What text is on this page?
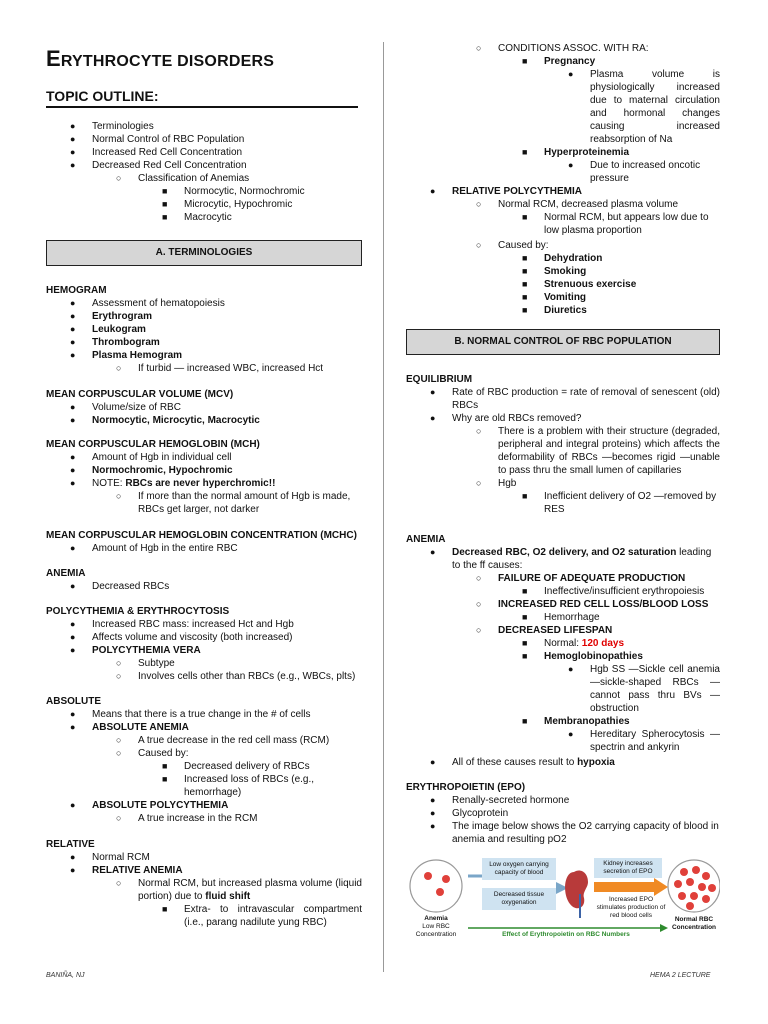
ERYTHROCYTE DISORDERS
TOPIC OUTLINE:
● Terminologies
● Normal Control of RBC Population
● Increased Red Cell Concentration
● Decreased Red Cell Concentration
○ Classification of Anemias
■ Normocytic, Normochromic
■ Microcytic, Hypochromic
■ Macrocytic
A. TERMINOLOGIES
HEMOGRAM
● Assessment of hematopoiesis
● Erythrogram
● Leukogram
● Thrombogram
● Plasma Hemogram
○ If turbid — increased WBC, increased Hct
MEAN CORPUSCULAR VOLUME (MCV)
● Volume/size of RBC
● Normocytic, Microcytic, Macrocytic
MEAN CORPUSCULAR HEMOGLOBIN (MCH)
● Amount of Hgb in individual cell
● Normochromic, Hypochromic
● NOTE: RBCs are never hyperchromic!!
○ If more than the normal amount of Hgb is made, RBCs get larger, not darker
MEAN CORPUSCULAR HEMOGLOBIN CONCENTRATION (MCHC)
● Amount of Hgb in the entire RBC
ANEMIA
● Decreased RBCs
POLYCYTHEMIA & ERYTHROCYTOSIS
● Increased RBC mass: increased Hct and Hgb
● Affects volume and viscosity (both increased)
● POLYCYTHEMIA VERA
○ Subtype
○ Involves cells other than RBCs (e.g., WBCs, plts)
ABSOLUTE
● Means that there is a true change in the # of cells
● ABSOLUTE ANEMIA
○ A true decrease in the red cell mass (RCM)
○ Caused by:
■ Decreased delivery of RBCs
■ Increased loss of RBCs (e.g., hemorrhage)
● ABSOLUTE POLYCYTHEMIA
○ A true increase in the RCM
RELATIVE
● Normal RCM
● RELATIVE ANEMIA
○ Normal RCM, but increased plasma volume (liquid portion) due to fluid shift
■ Extra- to intravascular compartment (i.e., parang nadilute yung RBC)
○ CONDITIONS ASSOC. WITH RA:
■ Pregnancy
● Plasma volume is physiologically increased due to maternal circulation and hormonal changes causing increased reabsorption of Na
■ Hyperproteinemia
● Due to increased oncotic pressure
● RELATIVE POLYCYTHEMIA
○ Normal RCM, decreased plasma volume
■ Normal RCM, but appears low due to low plasma proportion
○ Caused by:
■ Dehydration
■ Smoking
■ Strenuous exercise
■ Vomiting
■ Diuretics
B. NORMAL CONTROL OF RBC POPULATION
EQUILIBRIUM
● Rate of RBC production = rate of removal of senescent (old) RBCs
● Why are old RBCs removed?
○ There is a problem with their structure (degraded, peripheral and integral proteins) which affects the deformability of RBCs —becomes rigid —unable to pass thru the small lumen of capillaries
○ Hgb
■ Inefficient delivery of O2 —removed by RES
ANEMIA
● Decreased RBC, O2 delivery, and O2 saturation leading to the ff causes:
○ FAILURE OF ADEQUATE PRODUCTION
■ Ineffective/insufficient erythropoiesis
○ INCREASED RED CELL LOSS/BLOOD LOSS
■ Hemorrhage
○ DECREASED LIFESPAN
■ Normal: 120 days
■ Hemoglobinopathies
● Hgb SS —Sickle cell anemia —sickle-shaped RBCs —cannot pass thru BVs —obstruction
■ Membranopathies
● Hereditary Spherocytosis —spectrin and ankyrin
● All of these causes result to hypoxia
ERYTHROPOIETIN (EPO)
● Renally-secreted hormone
● Glycoprotein
● The image below shows the O2 carrying capacity of blood in anemia and resulting pO2
Low oxygen carrying capacity of blood
Decreased tissue oxygenation
Kidney increases secretion of EPO
Increased EPO stimulates production of red blood cells
Anemia
Low RBC
Concentration	Effect of Erythropoietin on RBC Numbers
Normal RBC
Concentration
BANIÑA, NJ	HEMA 2 LECTURE
